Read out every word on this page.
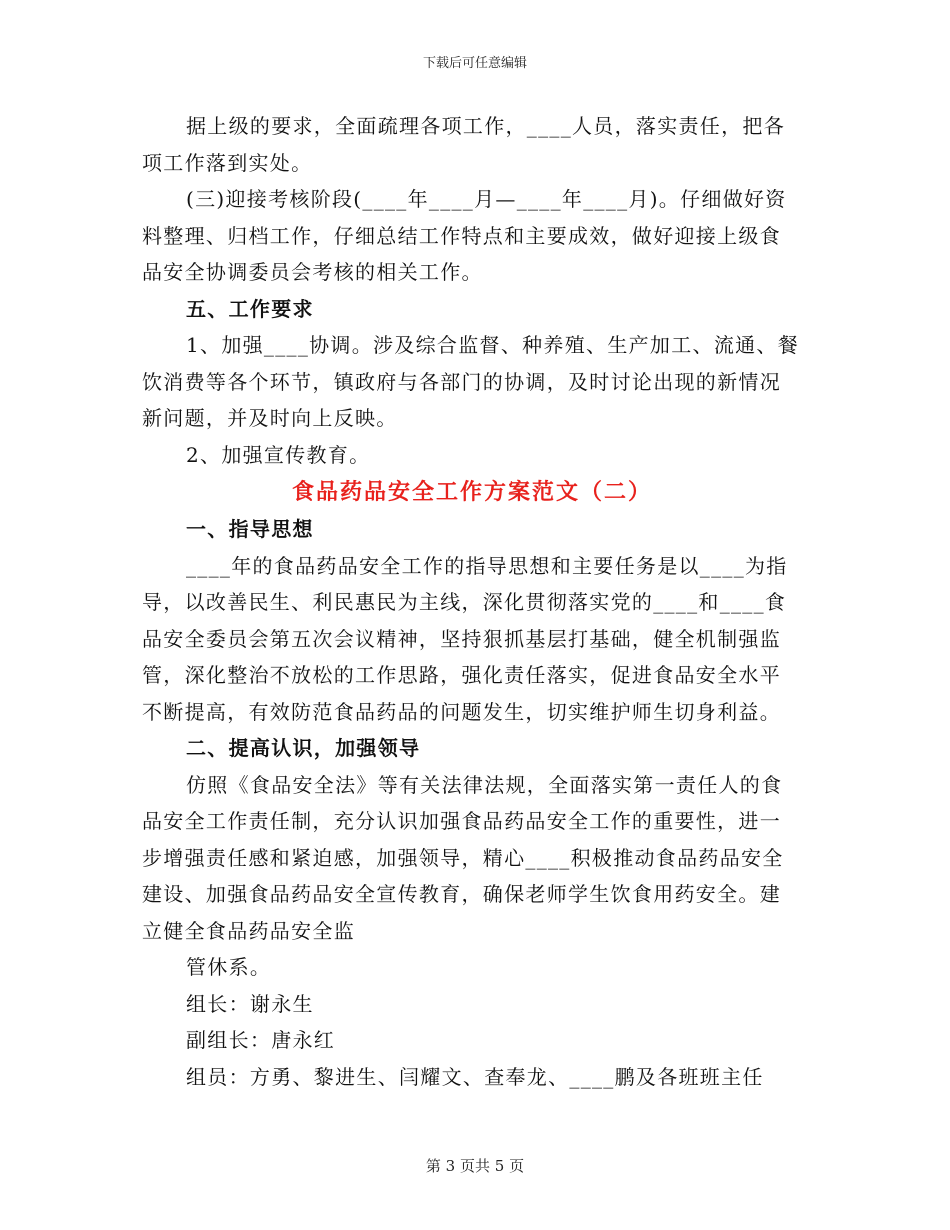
下载后可任意编辑
据上级的要求，全面疏理各项工作，____人员，落实责任，把各
项工作落到实处。
(三)迎接考核阶段(____年____月—____年____月)。仔细做好资
料整理、归档工作，仔细总结工作特点和主要成效，做好迎接上级食
品安全协调委员会考核的相关工作。
五、工作要求
1、加强____协调。涉及综合监督、种养殖、生产加工、流通、餐
饮消费等各个环节，镇政府与各部门的协调，及时讨论出现的新情况
新问题，并及时向上反映。
2、加强宣传教育。
食品药品安全工作方案范文（二）
一、指导思想
____年的食品药品安全工作的指导思想和主要任务是以____为指
导，以改善民生、利民惠民为主线，深化贯彻落实党的____和____食
品安全委员会第五次会议精神，坚持狠抓基层打基础，健全机制强监
管，深化整治不放松的工作思路，强化责任落实，促进食品安全水平
不断提高，有效防范食品药品的问题发生，切实维护师生切身利益。
二、提高认识，加强领导
仿照《食品安全法》等有关法律法规，全面落实第一责任人的食
品安全工作责任制，充分认识加强食品药品安全工作的重要性，进一
步增强责任感和紧迫感，加强领导，精心____积极推动食品药品安全
建设、加强食品药品安全宣传教育，确保老师学生饮食用药安全。建
立健全食品药品安全监
管休系。
组长：谢永生
副组长：唐永红
组员：方勇、黎进生、闫耀文、查奉龙、____鹏及各班班主任
第 3 页共 5 页
